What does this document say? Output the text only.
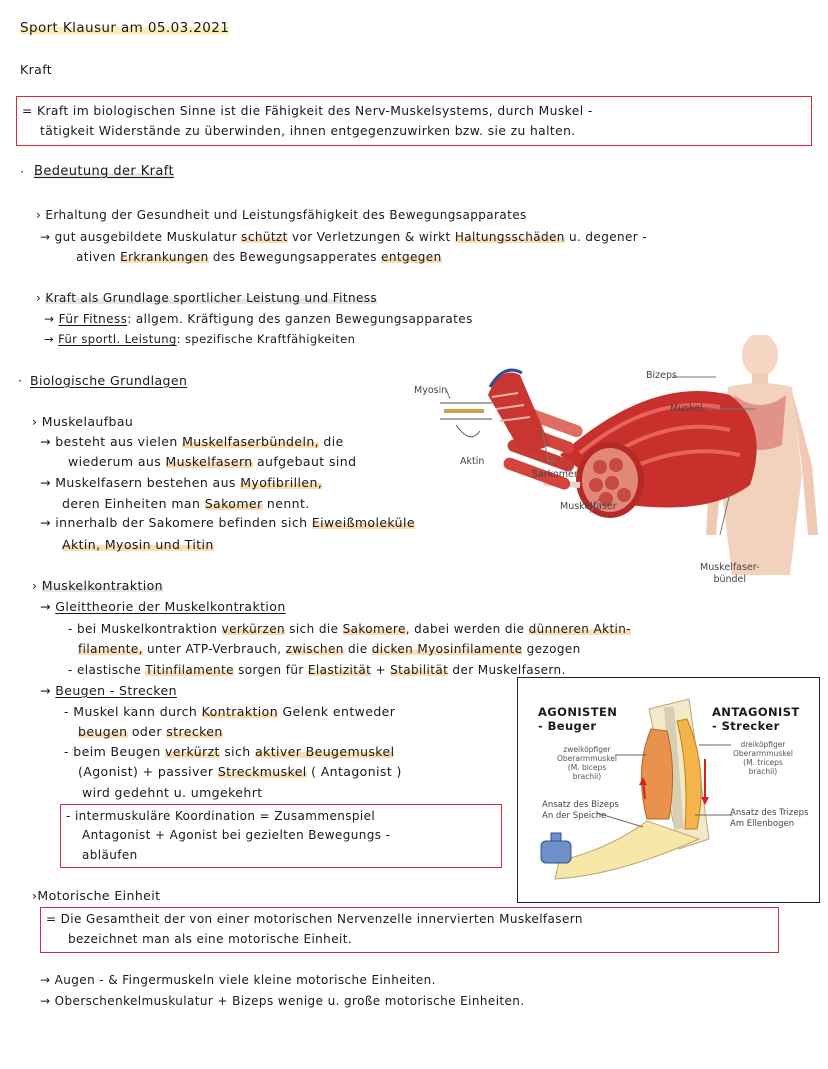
Sport Klausur am 05.03.2021
Kraft
= Kraft im biologischen Sinne ist die Fähigkeit des Nerv-Muskelsystems, durch Muskel -
tätigkeit Widerstände zu überwinden, ihnen entgegenzuwirken bzw. sie zu halten.
· Bedeutung der Kraft
› Erhaltung der Gesundheit und Leistungsfähigkeit des Bewegungsapparates
→ gut ausgebildete Muskulatur schützt vor Verletzungen & wirkt Haltungsschäden u. degener -
ativen Erkrankungen des Bewegungsapperates entgegen
› Kraft als Grundlage sportlicher Leistung und Fitness
→ Für Fitness: allgem. Kräftigung des ganzen Bewegungsapparates
→ Für sportl. Leistung: spezifische Kraftfähigkeiten
· Biologische Grundlagen
› Muskelaufbau
→ besteht aus vielen Muskelfaserbündeln, die
wiederum aus Muskelfasern aufgebaut sind
→ Muskelfasern bestehen aus Myofibrillen,
deren Einheiten man Sakomer nennt.
→ innerhalb der Sakomere befinden sich Eiweißmoleküle
Aktin, Myosin und Titin
Myosin
Aktin
Sarkomer
Muskelfaser
Bizeps
Muskel
Muskelfaser-
bündel
› Muskelkontraktion
→ Gleittheorie der Muskelkontraktion
- bei Muskelkontraktion verkürzen sich die Sakomere, dabei werden die dünneren Aktin-
filamente, unter ATP-Verbrauch, zwischen die dicken Myosinfilamente gezogen
- elastische Titinfilamente sorgen für Elastizität + Stabilität der Muskelfasern.
→ Beugen - Strecken
- Muskel kann durch Kontraktion Gelenk entweder
beugen oder strecken
- beim Beugen verkürzt sich aktiver Beugemuskel
(Agonist) + passiver Streckmuskel ( Antagonist )
wird gedehnt u. umgekehrt
- intermuskuläre Koordination = Zusammenspiel
Antagonist + Agonist bei gezielten Bewegungs -
abläufen
AGONISTEN
- Beuger
ANTAGONIST
- Strecker
zweiköpfiger Oberarmmuskel (M. biceps brachii)
dreiköpfiger Oberarmmuskel (M. triceps brachii)
Ansatz des Bizeps
An der Speiche	Ansatz des Trizeps
Am Ellenbogen
›Motorische Einheit
= Die Gesamtheit der von einer motorischen Nervenzelle innervierten Muskelfasern
bezeichnet man als eine motorische Einheit.
→ Augen - & Fingermuskeln viele kleine motorische Einheiten.
→ Oberschenkelmuskulatur + Bizeps wenige u. große motorische Einheiten.
